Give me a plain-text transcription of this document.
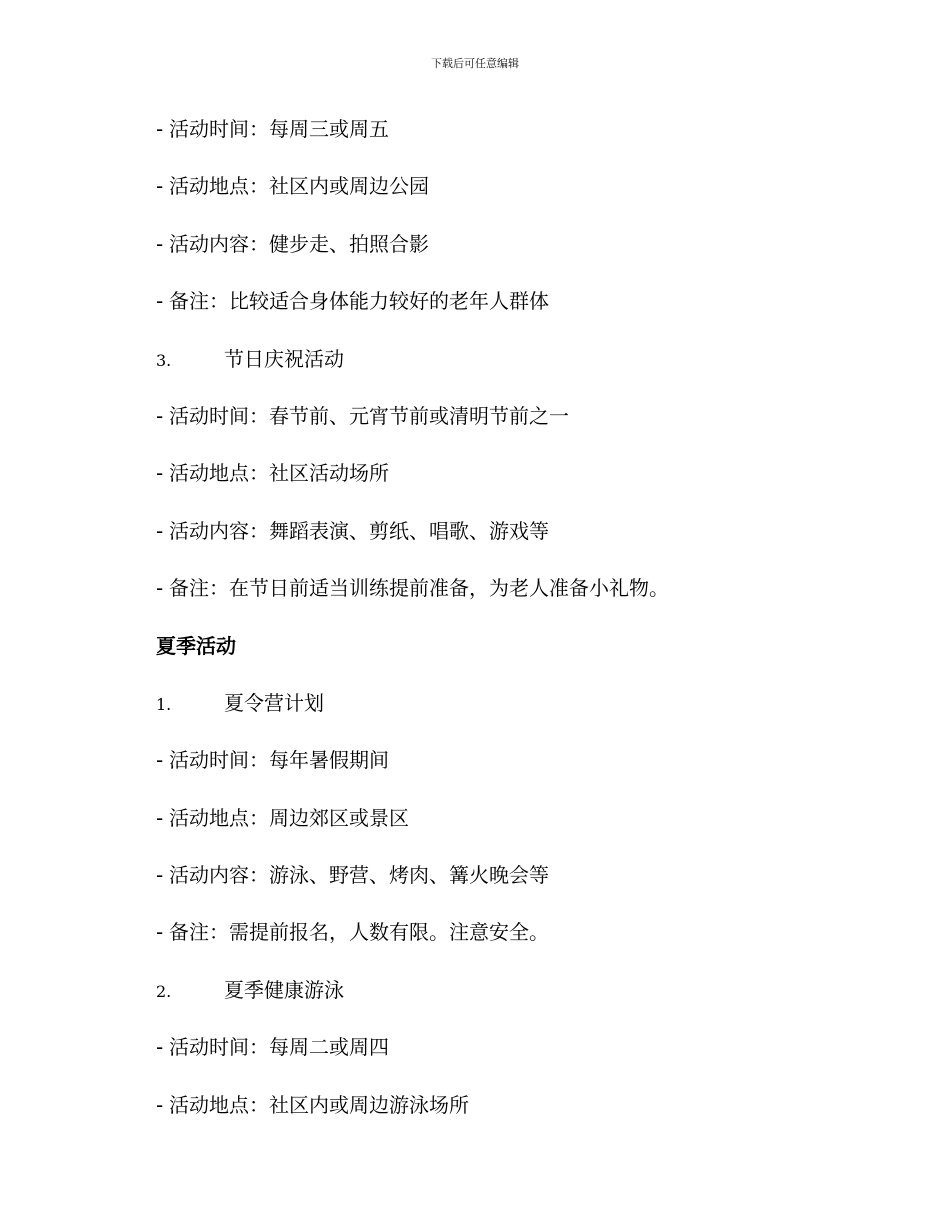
下载后可任意编辑
- 活动时间：每周三或周五
- 活动地点：社区内或周边公园
- 活动内容：健步走、拍照合影
- 备注：比较适合身体能力较好的老年人群体
3.	节日庆祝活动
- 活动时间：春节前、元宵节前或清明节前之一
- 活动地点：社区活动场所
- 活动内容：舞蹈表演、剪纸、唱歌、游戏等
- 备注：在节日前适当训练提前准备，为老人准备小礼物。
夏季活动
1.	夏令营计划
- 活动时间：每年暑假期间
- 活动地点：周边郊区或景区
- 活动内容：游泳、野营、烤肉、篝火晚会等
- 备注：需提前报名，人数有限。注意安全。
2.	夏季健康游泳
- 活动时间：每周二或周四
- 活动地点：社区内或周边游泳场所
